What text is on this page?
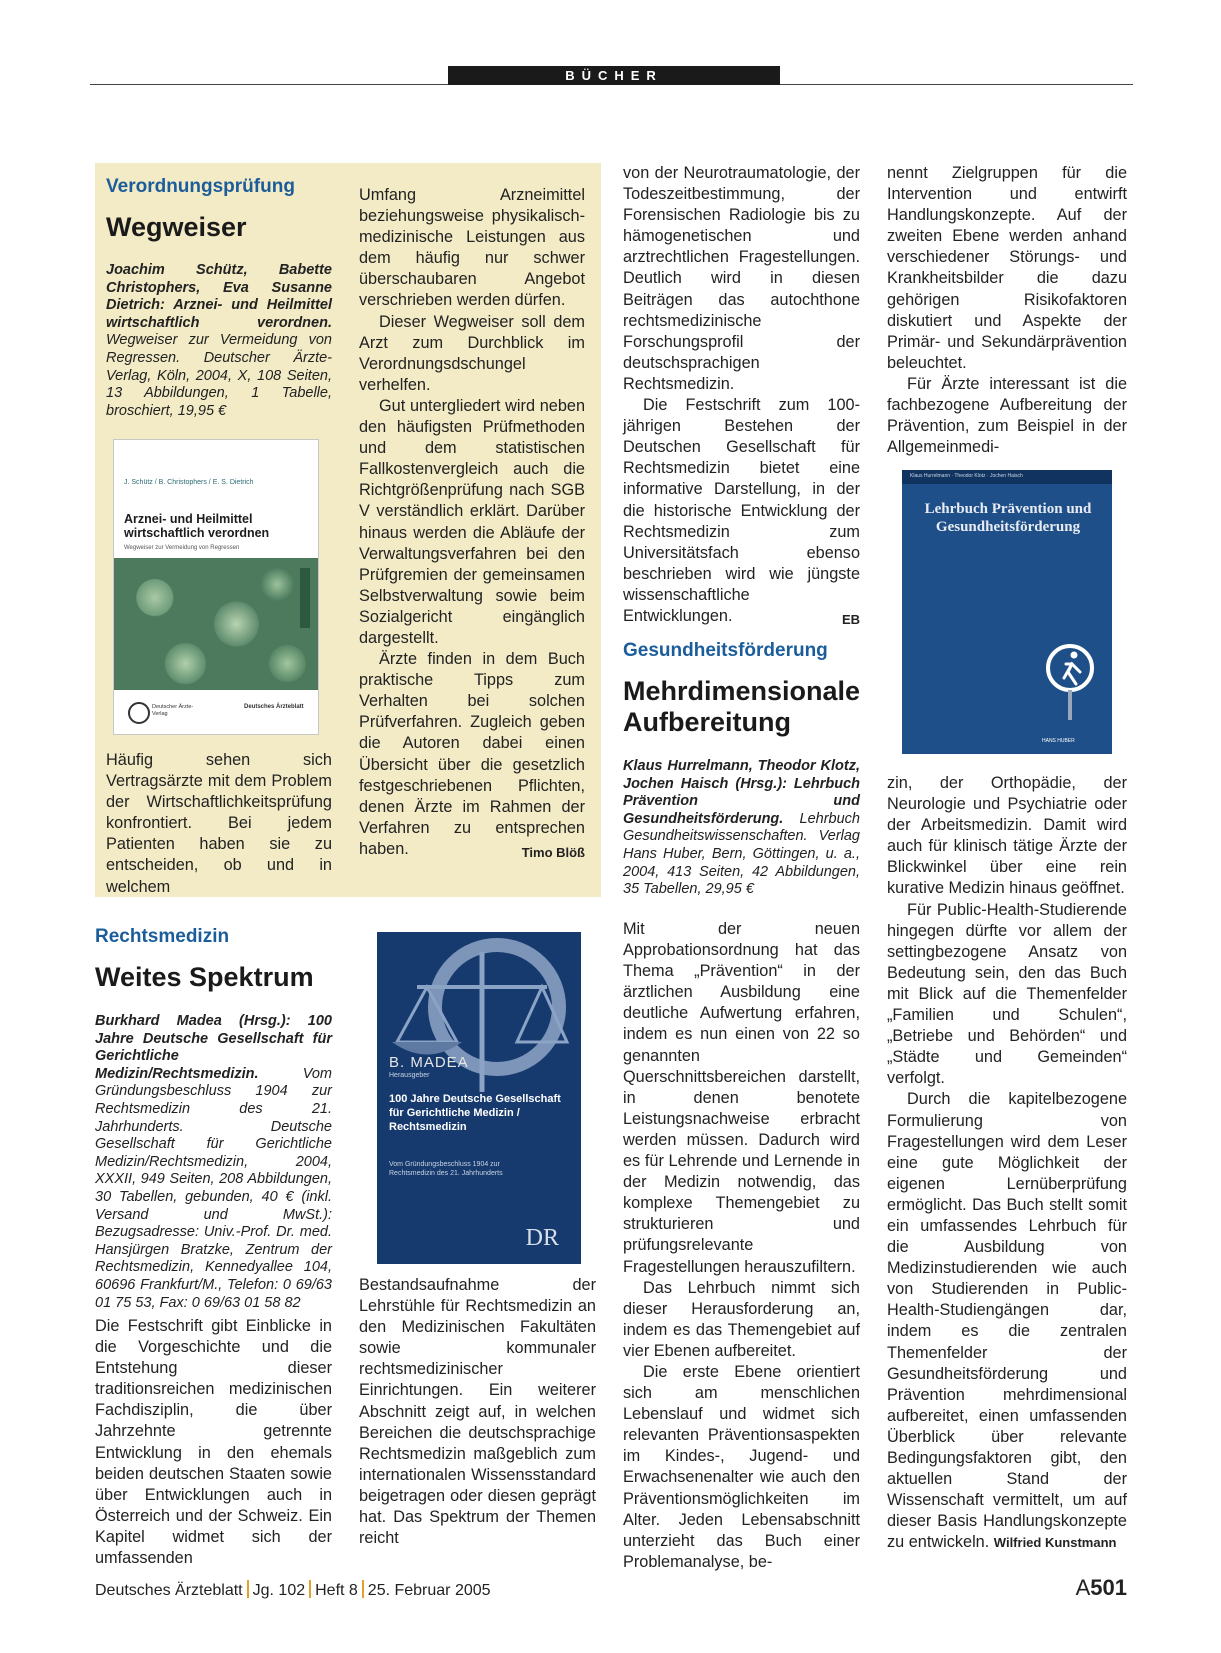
BÜCHER
Verordnungsprüfung
Wegweiser
Joachim Schütz, Babette Christophers, Eva Susanne Dietrich: Arznei- und Heilmittel wirtschaftlich verordnen. Wegweiser zur Vermeidung von Regressen. Deutscher Ärzte-Verlag, Köln, 2004, X, 108 Seiten, 13 Abbildungen, 1 Tabelle, broschiert, 19,95 €
J. Schütz / B. Christophers / E. S. Dietrich
Arznei- und Heilmittel wirtschaftlich verordnen
Wegweiser zur Vermeidung von Regressen
Deutscher Ärzte-Verlag
Deutsches Ärzteblatt

Häufig sehen sich Vertragsärzte mit dem Problem der Wirtschaftlichkeitsprüfung konfrontiert. Bei jedem Patienten haben sie zu entscheiden, ob und in welchem

Umfang Arzneimittel beziehungsweise physikalisch-medizinische Leistungen aus dem häufig nur schwer überschaubaren Angebot verschrieben werden dürfen.

Dieser Wegweiser soll dem Arzt zum Durchblick im Verordnungsdschungel verhelfen.

Gut untergliedert wird neben den häufigsten Prüfmethoden und dem statistischen Fallkostenvergleich auch die Richtgrößenprüfung nach SGB V verständlich erklärt. Darüber hinaus werden die Abläufe der Verwaltungsverfahren bei den Prüfgremien der gemeinsamen Selbstverwaltung sowie beim Sozialgericht eingänglich dargestellt.

Ärzte finden in dem Buch praktische Tipps zum Verhalten bei solchen Prüfverfahren. Zugleich geben die Autoren dabei einen Übersicht über die gesetzlich festgeschriebenen Pflichten, denen Ärzte im Rahmen der Verfahren zu entsprechen haben.	Timo Blöß

Rechtsmedizin
Weites Spektrum
Burkhard Madea (Hrsg.): 100 Jahre Deutsche Gesellschaft für Gerichtliche Medizin/Rechtsmedizin.	Vom Gründungsbeschluss 1904 zur Rechtsmedizin des 21. Jahrhunderts. Deutsche Gesellschaft für Gerichtliche Medizin/Rechtsmedizin, 2004, XXXII, 949 Seiten, 208 Abbildungen, 30 Tabellen, gebunden, 40 € (inkl. Versand und MwSt.): Bezugsadresse: Univ.-Prof. Dr. med. Hansjürgen Bratzke, Zentrum der Rechtsmedizin, Kennedyallee 104, 60696 Frankfurt/M., Telefon: 0 69/63 01 75 53, Fax: 0 69/63 01 58 82
B. MADEA
Herausgeber
100 Jahre Deutsche Gesellschaft für Gerichtliche Medizin / Rechtsmedizin
Vom Gründungsbeschluss 1904 zur Rechtsmedizin des 21. Jahrhunderts
DR

Die Festschrift gibt Einblicke in die Vorgeschichte und die Entstehung dieser traditionsreichen medizinischen Fachdisziplin, die über Jahrzehnte getrennte Entwicklung in den ehemals beiden deutschen Staaten sowie über Entwicklungen auch in Österreich und der Schweiz. Ein Kapitel widmet sich der umfassenden

Bestandsaufnahme der Lehrstühle für Rechtsmedizin an den Medizinischen Fakultäten sowie kommunaler rechtsmedizinischer Einrichtungen. Ein weiterer Abschnitt zeigt auf, in welchen Bereichen die deutschsprachige Rechtsmedizin maßgeblich zum internationalen Wissensstandard beigetragen oder diesen geprägt hat. Das Spektrum der Themen reicht

von der Neurotraumatologie, der Todeszeitbestimmung, der Forensischen Radiologie bis zu hämogenetischen und arztrechtlichen Fragestellungen. Deutlich wird in diesen Beiträgen das autochthone rechtsmedizinische Forschungsprofil der deutschsprachigen Rechtsmedizin.

Die Festschrift zum 100-jährigen Bestehen der Deutschen Gesellschaft für Rechtsmedizin bietet eine informative Darstellung, in der die historische Entwicklung der Rechtsmedizin zum Universitätsfach ebenso beschrieben wird wie jüngste wissenschaftliche Entwicklungen.	EB

Gesundheitsförderung
Mehrdimensionale
Aufbereitung
Klaus Hurrelmann, Theodor Klotz, Jochen Haisch (Hrsg.): Lehrbuch Prävention und Gesundheitsförderung. Lehrbuch Gesundheitswissenschaften. Verlag Hans Huber, Bern, Göttingen, u. a., 2004, 413 Seiten, 42 Abbildungen, 35 Tabellen, 29,95 €

Mit der neuen Approbationsordnung hat das Thema „Prävention“ in der ärztlichen Ausbildung eine deutliche Aufwertung erfahren, indem es nun einen von 22 so genannten Querschnittsbereichen darstellt, in denen benotete Leistungsnachweise erbracht werden müssen. Dadurch wird es für Lehrende und Lernende in der Medizin notwendig, das komplexe Themengebiet zu strukturieren und prüfungsrelevante Fragestellungen herauszufiltern.

Das Lehrbuch nimmt sich dieser Herausforderung an, indem es das Themengebiet auf vier Ebenen aufbereitet.

Die erste Ebene orientiert sich am menschlichen Lebenslauf und widmet sich relevanten Präventionsaspekten im Kindes-, Jugend- und Erwachsenenalter wie auch den Präventionsmöglichkeiten im Alter. Jeden Lebensabschnitt unterzieht das Buch einer Problemanalyse, be-

nennt Zielgruppen für die Intervention und entwirft Handlungskonzepte. Auf der zweiten Ebene werden anhand verschiedener Störungs- und Krankheitsbilder die dazu gehörigen Risikofaktoren diskutiert und Aspekte der Primär- und Sekundärprävention beleuchtet.

Für Ärzte interessant ist die fachbezogene Aufbereitung der Prävention, zum Beispiel in der Allgemeinmedi-

Klaus Hurrelmann · Theodor Klotz · Jochen Haisch
Lehrbuch Prävention und Gesundheitsförderung
HANS HUBER

zin, der Orthopädie, der Neurologie und Psychiatrie oder der Arbeitsmedizin. Damit wird auch für klinisch tätige Ärzte der Blickwinkel über eine rein kurative Medizin hinaus geöffnet.

Für Public-Health-Studierende hingegen dürfte vor allem der settingbezogene Ansatz von Bedeutung sein, den das Buch mit Blick auf die Themenfelder „Familien und Schulen“, „Betriebe und Behörden“ und „Städte und Gemeinden“ verfolgt.

Durch die kapitelbezogene Formulierung von Fragestellungen wird dem Leser eine gute Möglichkeit der eigenen Lernüberprüfung ermöglicht. Das Buch stellt somit ein umfassendes Lehrbuch für die Ausbildung von Medizinstudierenden wie auch von Studierenden in Public-Health-Studiengängen dar, indem es die zentralen Themenfelder der Gesundheitsförderung und Prävention mehrdimensional aufbereitet, einen umfassenden Überblick über relevante Bedingungsfaktoren gibt, den aktuellen Stand der Wissenschaft vermittelt, um auf dieser Basis Handlungskonzepte zu entwickeln. Wilfried Kunstmann

Deutsches Ärzteblatt Jg. 102 Heft 8 25. Februar 2005	A501
